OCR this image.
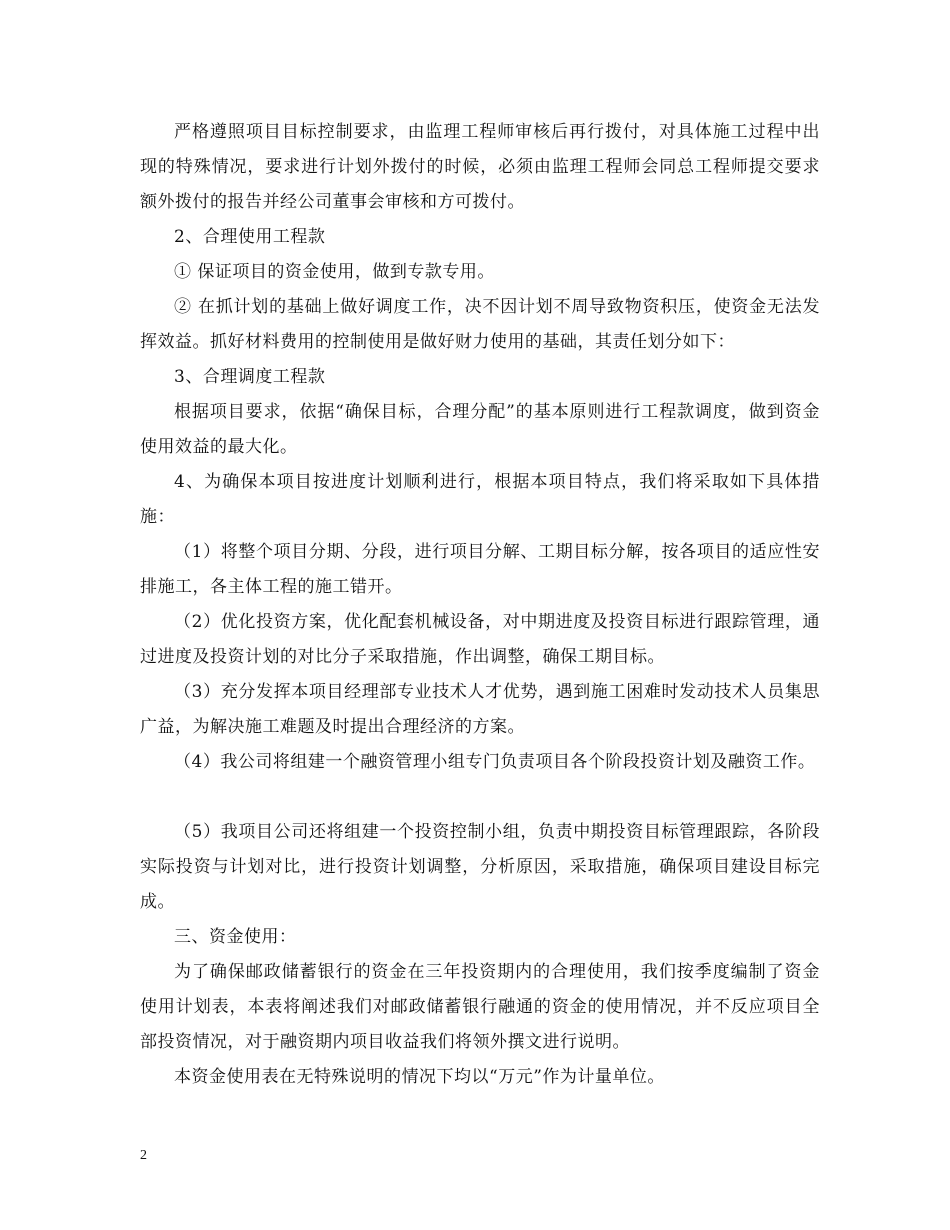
严格遵照项目目标控制要求，由监理工程师审核后再行拨付，对具体施工过程中出现的特殊情况，要求进行计划外拨付的时候，必须由监理工程师会同总工程师提交要求额外拨付的报告并经公司董事会审核和方可拨付。

2、合理使用工程款

① 保证项目的资金使用，做到专款专用。

② 在抓计划的基础上做好调度工作，决不因计划不周导致物资积压，使资金无法发挥效益。抓好材料费用的控制使用是做好财力使用的基础，其责任划分如下：

3、合理调度工程款

根据项目要求，依据“确保目标，合理分配”的基本原则进行工程款调度，做到资金使用效益的最大化。

4、为确保本项目按进度计划顺利进行，根据本项目特点，我们将采取如下具体措施：

（1）将整个项目分期、分段，进行项目分解、工期目标分解，按各项目的适应性安排施工，各主体工程的施工错开。

（2）优化投资方案，优化配套机械设备，对中期进度及投资目标进行跟踪管理，通过进度及投资计划的对比分子采取措施，作出调整，确保工期目标。

（3）充分发挥本项目经理部专业技术人才优势，遇到施工困难时发动技术人员集思广益，为解决施工难题及时提出合理经济的方案。

（4）我公司将组建一个融资管理小组专门负责项目各个阶段投资计划及融资工作。

（5）我项目公司还将组建一个投资控制小组，负责中期投资目标管理跟踪，各阶段实际投资与计划对比，进行投资计划调整，分析原因，采取措施，确保项目建设目标完成。

三、资金使用：

为了确保邮政储蓄银行的资金在三年投资期内的合理使用，我们按季度编制了资金使用计划表，本表将阐述我们对邮政储蓄银行融通的资金的使用情况，并不反应项目全部投资情况，对于融资期内项目收益我们将领外撰文进行说明。

本资金使用表在无特殊说明的情况下均以“万元”作为计量单位。

2
